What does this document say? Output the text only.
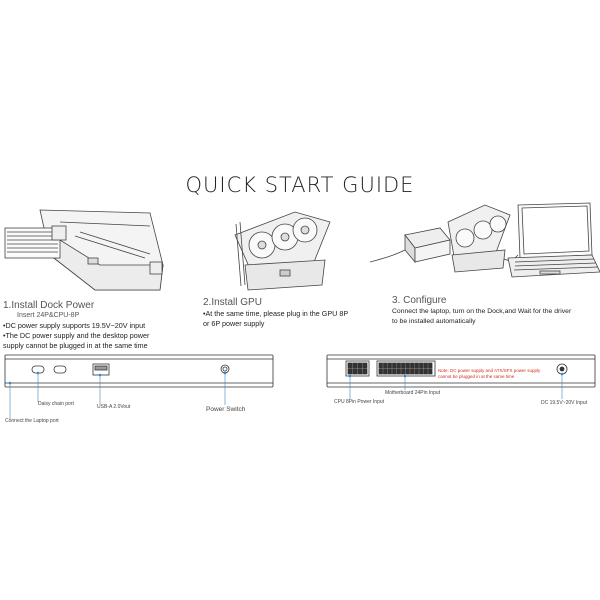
QUICK START GUIDE
1.Install Dock Power
Insert 24P&CPU-8P
•DC power supply supports 19.5V~20V input
•The DC power supply and the desktop power
supply cannot be plugged in at the same time
2.Install GPU
•At the same time, please plug in the GPU 8P
or 6P power supply
3. Configure
Connect the laptop, turn on the Dock,and Wait for the driver
to be installed automatically
Daisy chain port
Connect the Laptop port
USB-A 2.0Vout	Power Switch
CPU 8Pin Power Input
Motherboard 24Pin Input
Note: DC power supply and ATX/SFX power supply
cannot be plugged in at the same time
DC 19.5V~20V Input
